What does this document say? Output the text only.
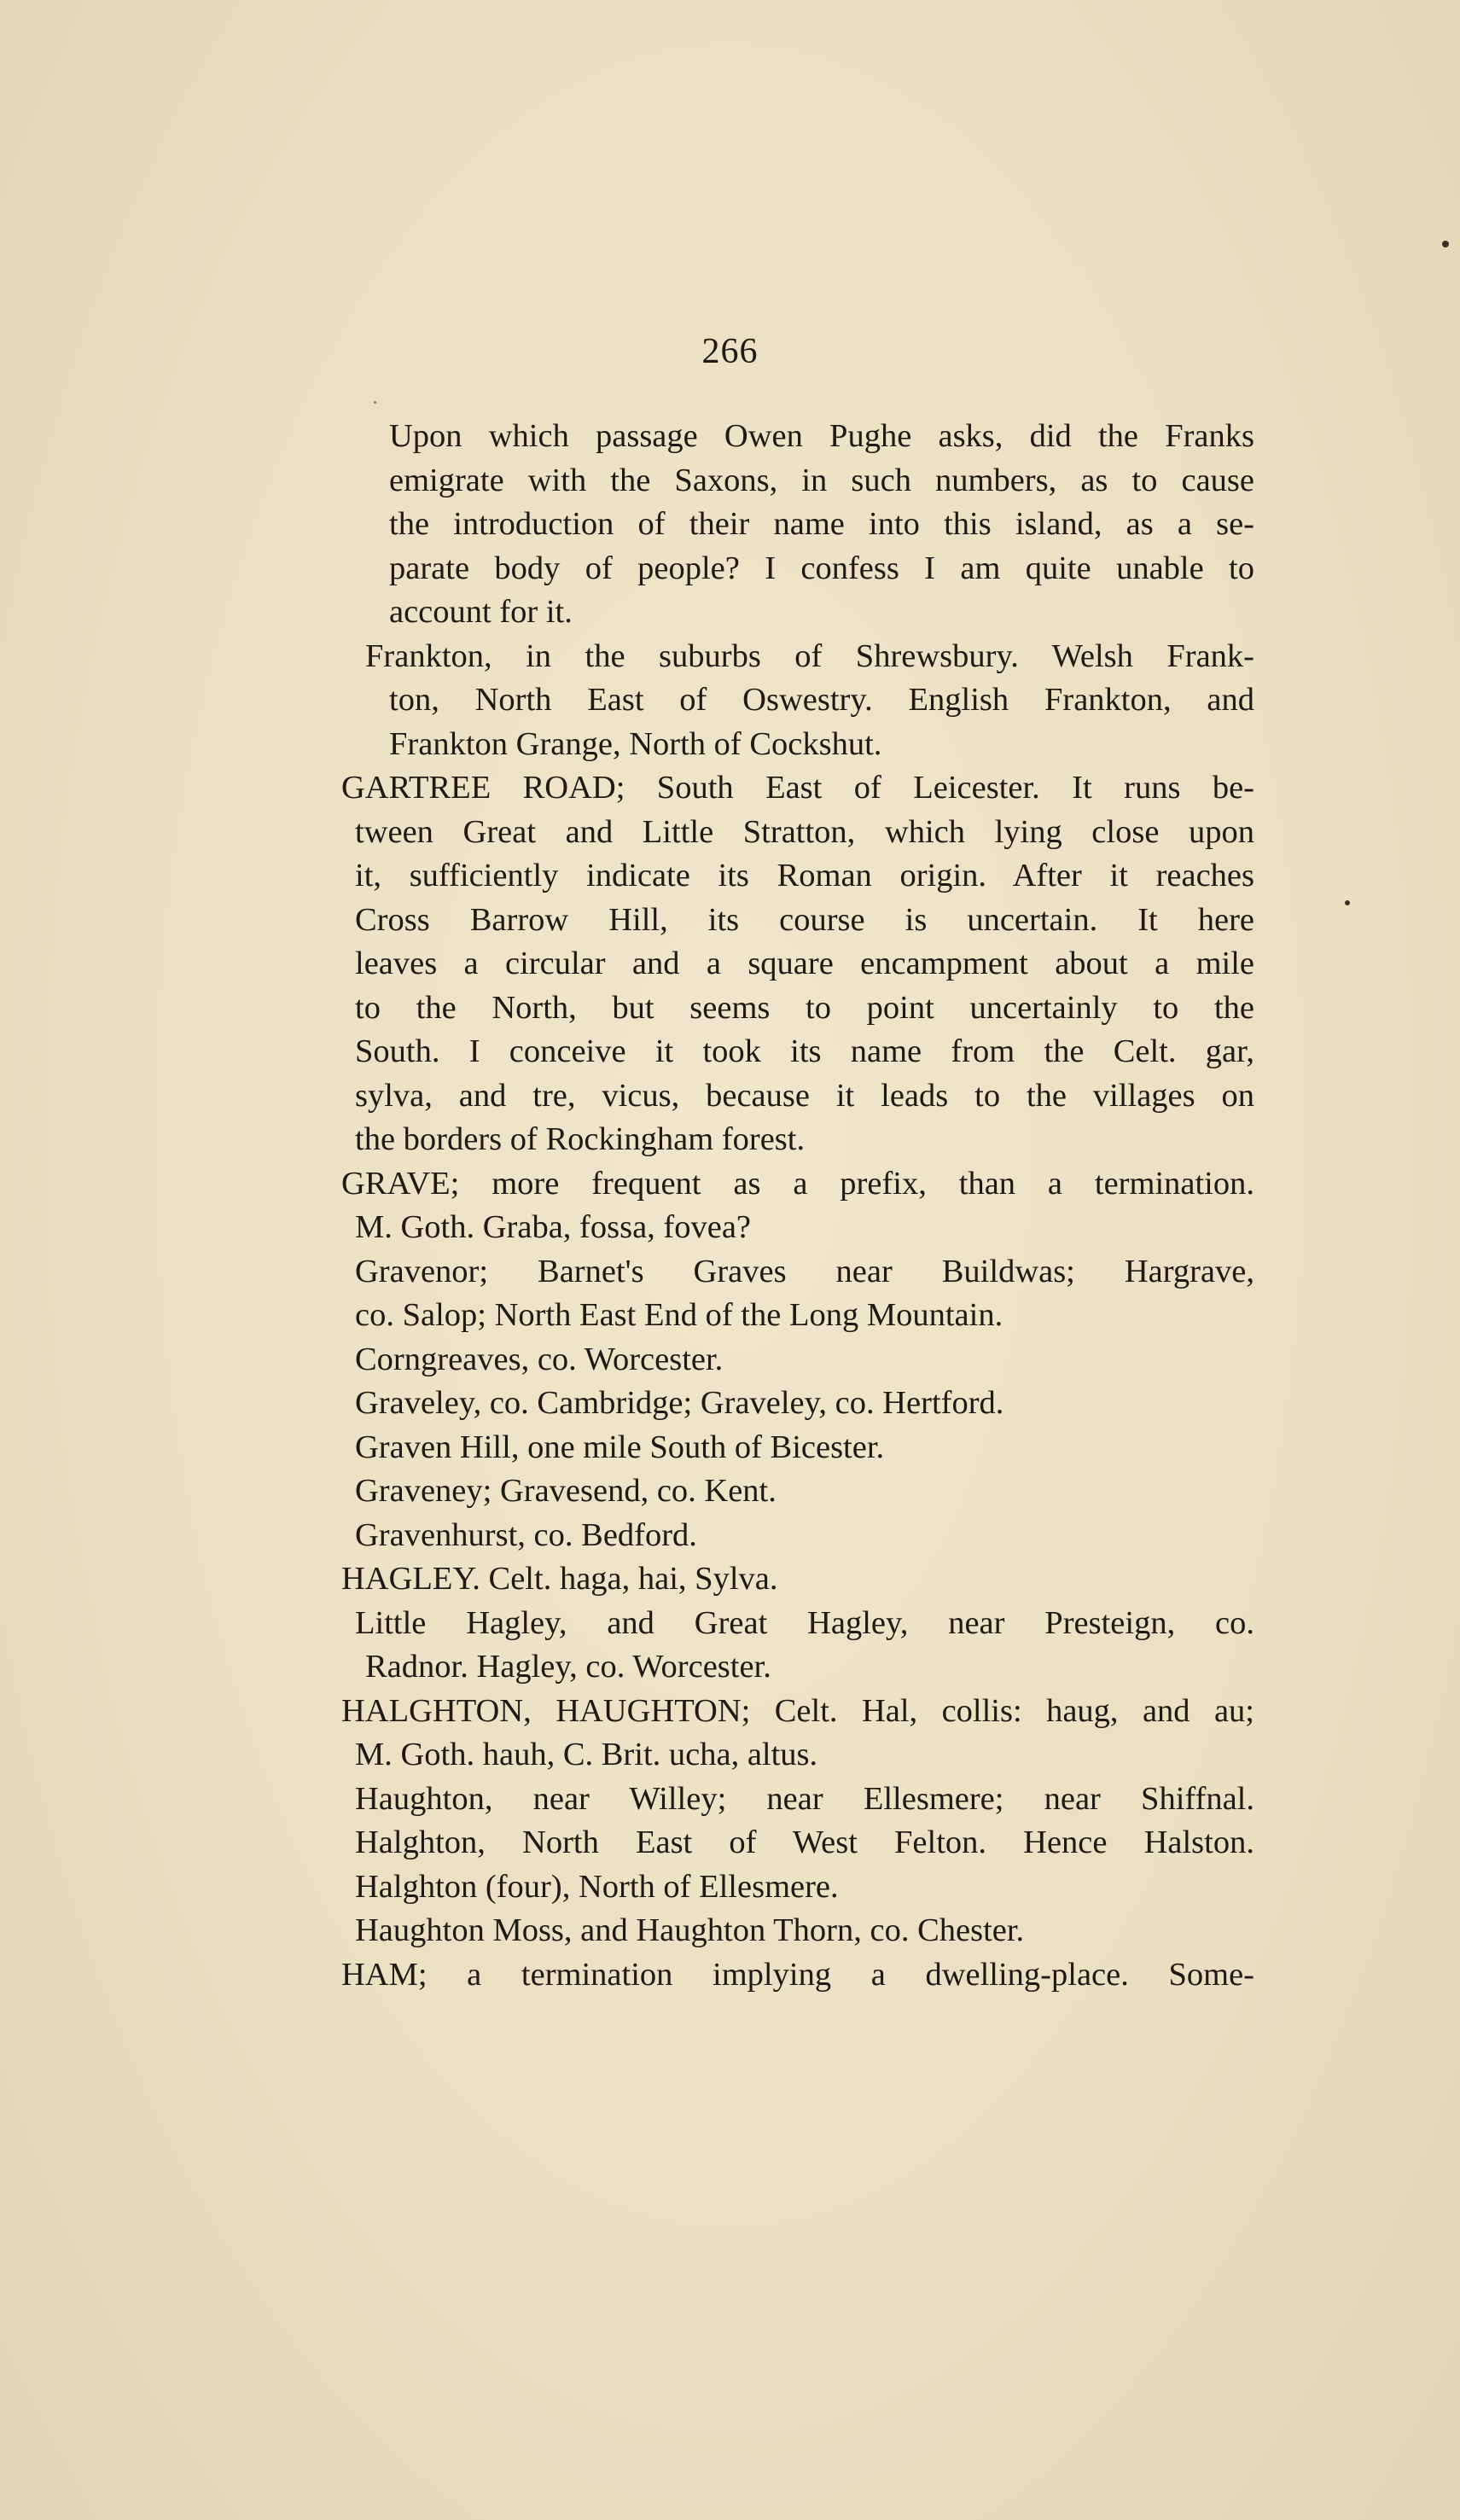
266
Upon which passage Owen Pughe asks, did the Franks
emigrate with the Saxons, in such numbers, as to cause
the introduction of their name into this island, as a se-
parate body of people? I confess I am quite unable to
account for it.
Frankton, in the suburbs of Shrewsbury. Welsh Frank-
ton, North East of Oswestry. English Frankton, and
Frankton Grange, North of Cockshut.
GARTREE ROAD; South East of Leicester. It runs be-
tween Great and Little Stratton, which lying close upon
it, sufficiently indicate its Roman origin. After it reaches
Cross Barrow Hill, its course is uncertain. It here
leaves a circular and a square encampment about a mile
to the North, but seems to point uncertainly to the
South. I conceive it took its name from the Celt. gar,
sylva, and tre, vicus, because it leads to the villages on
the borders of Rockingham forest.
GRAVE; more frequent as a prefix, than a termination.
M. Goth. Graba, fossa, fovea?
Gravenor; Barnet's Graves near Buildwas; Hargrave,
co. Salop; North East End of the Long Mountain.
Corngreaves, co. Worcester.
Graveley, co. Cambridge; Graveley, co. Hertford.
Graven Hill, one mile South of Bicester.
Graveney; Gravesend, co. Kent.
Gravenhurst, co. Bedford.
HAGLEY. Celt. haga, hai, Sylva.
Little Hagley, and Great Hagley, near Presteign, co.
Radnor. Hagley, co. Worcester.
HALGHTON, HAUGHTON; Celt. Hal, collis: haug, and au;
M. Goth. hauh, C. Brit. ucha, altus.
Haughton, near Willey; near Ellesmere; near Shiffnal.
Halghton, North East of West Felton. Hence Halston.
Halghton (four), North of Ellesmere.
Haughton Moss, and Haughton Thorn, co. Chester.
HAM; a termination implying a dwelling-place. Some-
